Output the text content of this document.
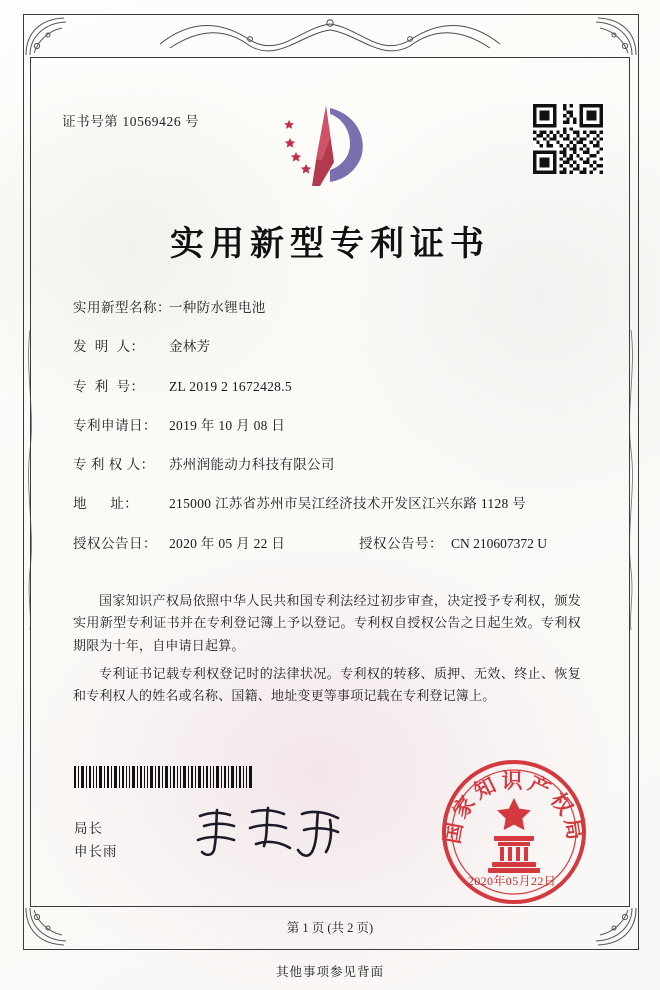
证书号第 10569426 号
实用新型专利证书
实用新型名称：
一种防水锂电池
发  明  人：	金林芳
专  利  号：	ZL 2019 2 1672428.5
专利申请日： 2019 年 10 月 08 日
专 利 权 人：	苏州润能动力科技有限公司
地      址：	215000 江苏省苏州市吴江经济技术开发区江兴东路 1128 号
授权公告日： 2020 年 05 月 22 日	授权公告号： CN 210607372 U

国家知识产权局依照中华人民共和国专利法经过初步审查，决定授予专利权，颁发实用新型专利证书并在专利登记簿上予以登记。专利权自授权公告之日起生效。专利权期限为十年，自申请日起算。

专利证书记载专利权登记时的法律状况。专利权的转移、质押、无效、终止、恢复和专利权人的姓名或名称、国籍、地址变更等事项记载在专利登记簿上。

局长
申长雨
国家知识产权局
2020年05月22日
第 1 页 (共 2 页)
其他事项参见背面
